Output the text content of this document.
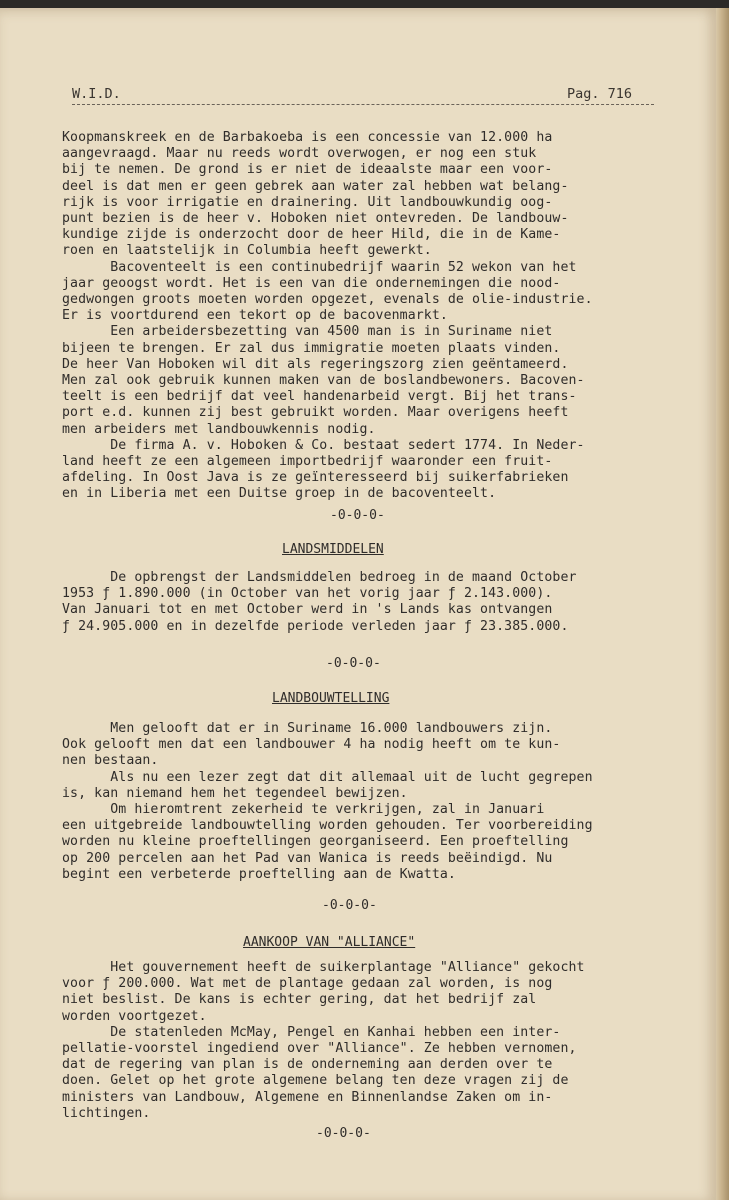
W.I.D.	Pag. 716
Koopmanskreek en de Barbakoeba is een concessie van 12.000 ha
aangevraagd. Maar nu reeds wordt overwogen, er nog een stuk
bij te nemen. De grond is er niet de ideaalste maar een voor-
deel is dat men er geen gebrek aan water zal hebben wat belang-
rijk is voor irrigatie en drainering. Uit landbouwkundig oog-
punt bezien is de heer v. Hoboken niet ontevreden. De landbouw-
kundige zijde is onderzocht door de heer Hild, die in de Kame-
roen en laatstelijk in Columbia heeft gewerkt.
Bacoventeelt is een continubedrijf waarin 52 wekon van het
jaar geoogst wordt. Het is een van die ondernemingen die nood-
gedwongen groots moeten worden opgezet, evenals de olie-industrie.
Er is voortdurend een tekort op de bacovenmarkt.
Een arbeidersbezetting van 4500 man is in Suriname niet
bijeen te brengen. Er zal dus immigratie moeten plaats vinden.
De heer Van Hoboken wil dit als regeringszorg zien geëntameerd.
Men zal ook gebruik kunnen maken van de boslandbewoners. Bacoven-
teelt is een bedrijf dat veel handenarbeid vergt. Bij het trans-
port e.d. kunnen zij best gebruikt worden. Maar overigens heeft
men arbeiders met landbouwkennis nodig.
De firma A. v. Hoboken & Co. bestaat sedert 1774. In Neder-
land heeft ze een algemeen importbedrijf waaronder een fruit-
afdeling. In Oost Java is ze geïnteresseerd bij suikerfabrieken
en in Liberia met een Duitse groep in de bacoventeelt.
-0-0-0-
LANDSMIDDELEN
De opbrengst der Landsmiddelen bedroeg in de maand October
1953 ƒ 1.890.000 (in October van het vorig jaar ƒ 2.143.000).
Van Januari tot en met October werd in 's Lands kas ontvangen
ƒ 24.905.000 en in dezelfde periode verleden jaar ƒ 23.385.000.
-0-0-0-
LANDBOUWTELLING
Men gelooft dat er in Suriname 16.000 landbouwers zijn.
Ook gelooft men dat een landbouwer 4 ha nodig heeft om te kun-
nen bestaan.
Als nu een lezer zegt dat dit allemaal uit de lucht gegrepen
is, kan niemand hem het tegendeel bewijzen.
Om hieromtrent zekerheid te verkrijgen, zal in Januari
een uitgebreide landbouwtelling worden gehouden. Ter voorbereiding
worden nu kleine proeftellingen georganiseerd. Een proeftelling
op 200 percelen aan het Pad van Wanica is reeds beëindigd. Nu
begint een verbeterde proeftelling aan de Kwatta.
-0-0-0-
AANKOOP VAN "ALLIANCE"
Het gouvernement heeft de suikerplantage "Alliance" gekocht
voor ƒ 200.000. Wat met de plantage gedaan zal worden, is nog
niet beslist. De kans is echter gering, dat het bedrijf zal
worden voortgezet.
De statenleden McMay, Pengel en Kanhai hebben een inter-
pellatie-voorstel ingediend over "Alliance". Ze hebben vernomen,
dat de regering van plan is de onderneming aan derden over te
doen. Gelet op het grote algemene belang ten deze vragen zij de
ministers van Landbouw, Algemene en Binnenlandse Zaken om in-
lichtingen.
-0-0-0-
